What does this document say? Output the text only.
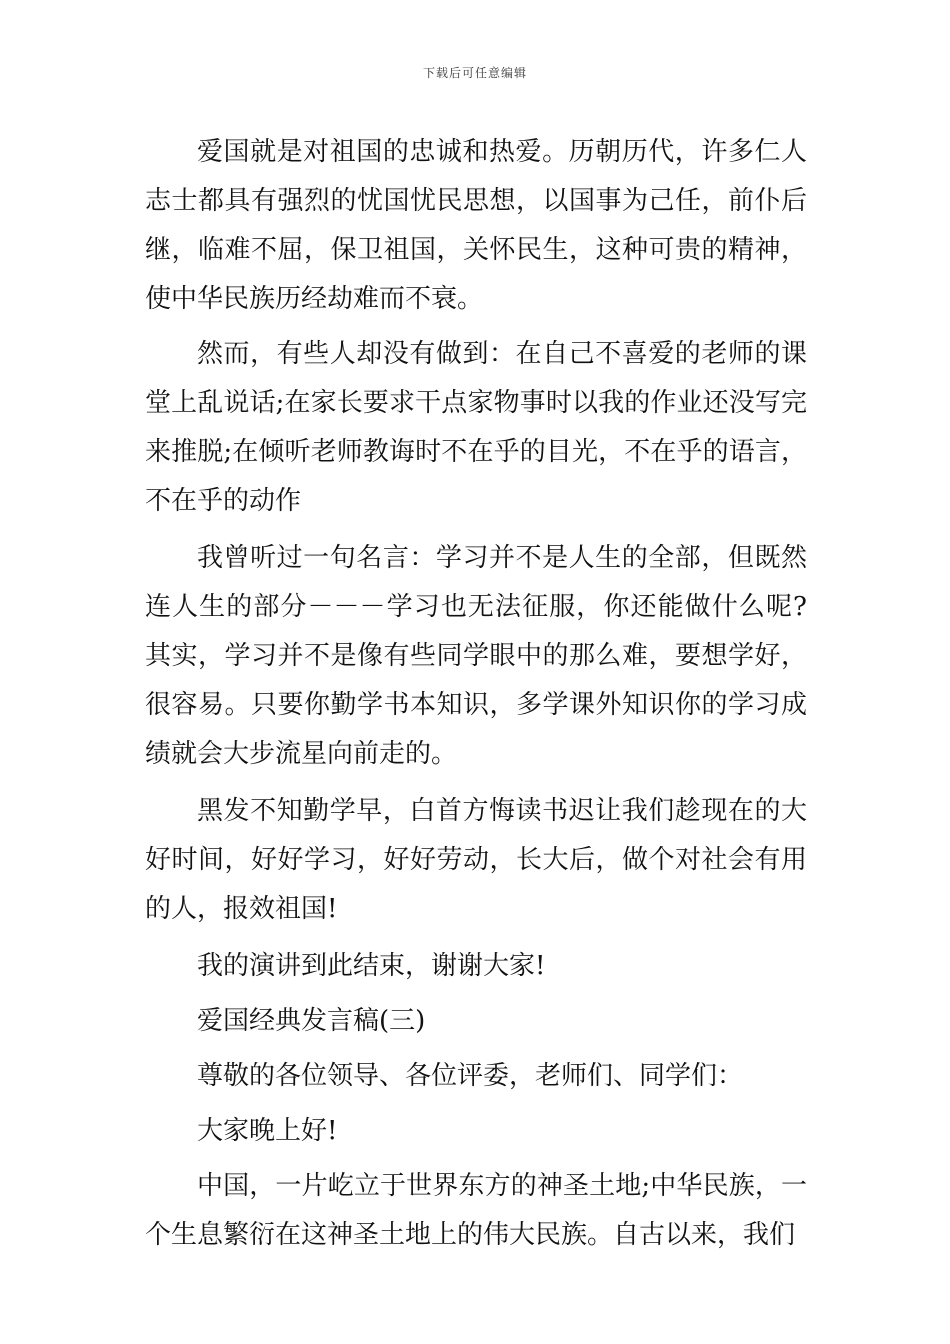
下载后可任意编辑

爱国就是对祖国的忠诚和热爱。历朝历代，许多仁人志士都具有强烈的忧国忧民思想，以国事为己任，前仆后继，临难不屈，保卫祖国，关怀民生，这种可贵的精神，使中华民族历经劫难而不衰。

然而，有些人却没有做到：在自己不喜爱的老师的课堂上乱说话;在家长要求干点家物事时以我的作业还没写完来推脱;在倾听老师教诲时不在乎的目光，不在乎的语言，不在乎的动作

我曾听过一句名言：学习并不是人生的全部，但既然连人生的部分－－－学习也无法征服，你还能做什么呢?其实，学习并不是像有些同学眼中的那么难，要想学好，很容易。只要你勤学书本知识，多学课外知识你的学习成绩就会大步流星向前走的。

黑发不知勤学早，白首方悔读书迟让我们趁现在的大好时间，好好学习，好好劳动，长大后，做个对社会有用的人，报效祖国!

我的演讲到此结束，谢谢大家!

爱国经典发言稿(三)

尊敬的各位领导、各位评委，老师们、同学们：

大家晚上好!

中国，一片屹立于世界东方的神圣土地;中华民族，一个生息繁衍在这神圣土地上的伟大民族。自古以来，我们
